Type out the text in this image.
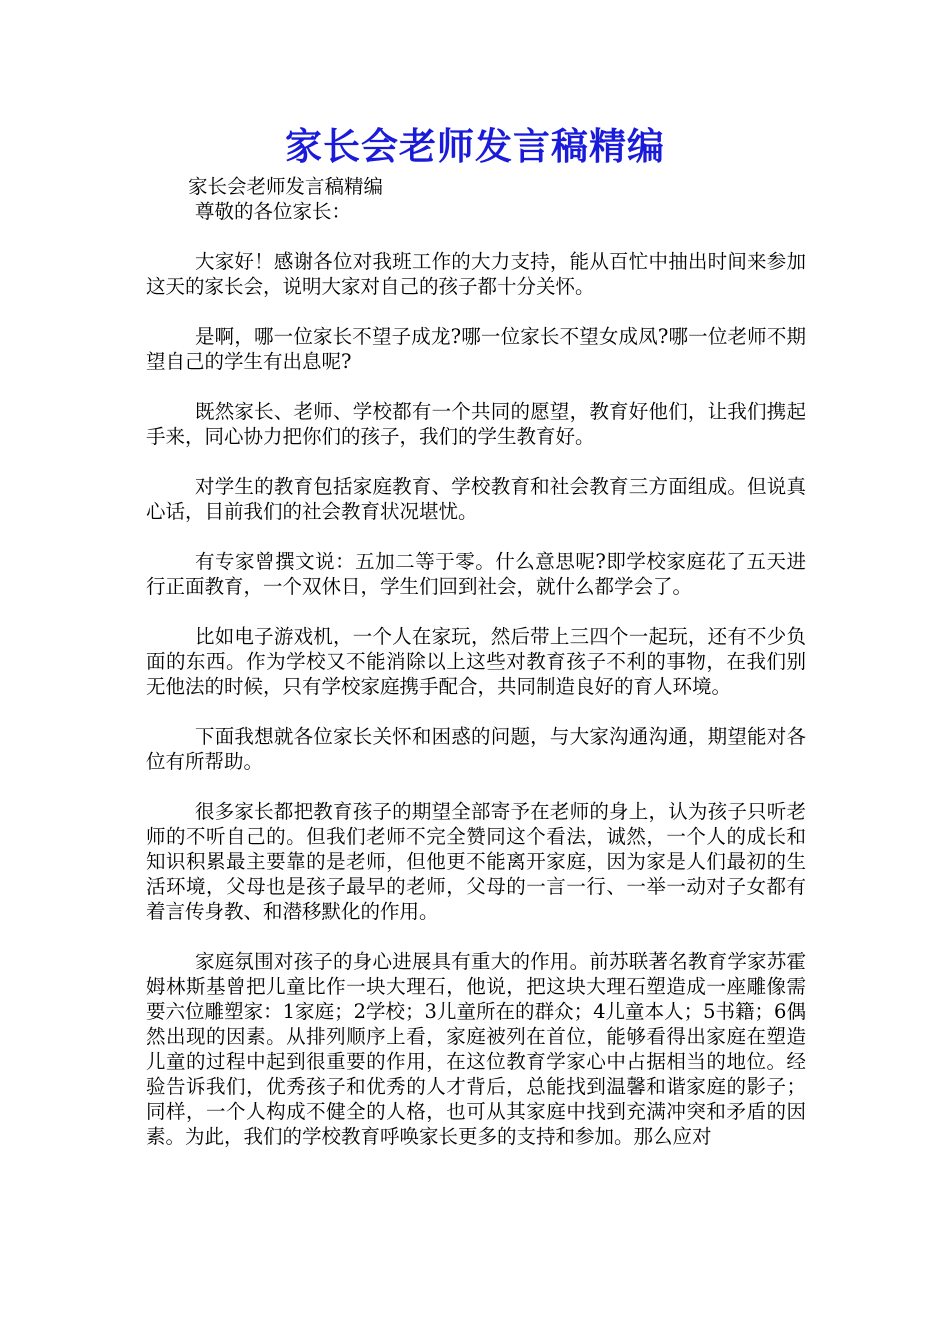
家长会老师发言稿精编

家长会老师发言稿精编

尊敬的各位家长：

大家好！感谢各位对我班工作的大力支持，能从百忙中抽出时间来参加这天的家长会，说明大家对自己的孩子都十分关怀。

是啊，哪一位家长不望子成龙?哪一位家长不望女成凤?哪一位老师不期望自己的学生有出息呢?

既然家长、老师、学校都有一个共同的愿望，教育好他们，让我们携起手来，同心协力把你们的孩子，我们的学生教育好。

对学生的教育包括家庭教育、学校教育和社会教育三方面组成。但说真心话，目前我们的社会教育状况堪忧。

有专家曾撰文说：五加二等于零。什么意思呢?即学校家庭花了五天进行正面教育，一个双休日，学生们回到社会，就什么都学会了。

比如电子游戏机，一个人在家玩，然后带上三四个一起玩，还有不少负面的东西。作为学校又不能消除以上这些对教育孩子不利的事物，在我们别无他法的时候，只有学校家庭携手配合，共同制造良好的育人环境。

下面我想就各位家长关怀和困惑的问题，与大家沟通沟通，期望能对各位有所帮助。

很多家长都把教育孩子的期望全部寄予在老师的身上，认为孩子只听老师的不听自己的。但我们老师不完全赞同这个看法，诚然，一个人的成长和知识积累最主要靠的是老师，但他更不能离开家庭，因为家是人们最初的生活环境，父母也是孩子最早的老师，父母的一言一行、一举一动对子女都有着言传身教、和潜移默化的作用。

家庭氛围对孩子的身心进展具有重大的作用。前苏联著名教育学家苏霍姆林斯基曾把儿童比作一块大理石，他说，把这块大理石塑造成一座雕像需要六位雕塑家：1家庭；2学校；3儿童所在的群众；4儿童本人；5书籍；6偶然出现的因素。从排列顺序上看，家庭被列在首位，能够看得出家庭在塑造儿童的过程中起到很重要的作用，在这位教育学家心中占据相当的地位。经验告诉我们，优秀孩子和优秀的人才背后，总能找到温馨和谐家庭的影子；同样，一个人构成不健全的人格，也可从其家庭中找到充满冲突和矛盾的因素。为此，我们的学校教育呼唤家长更多的支持和参加。那么应对
